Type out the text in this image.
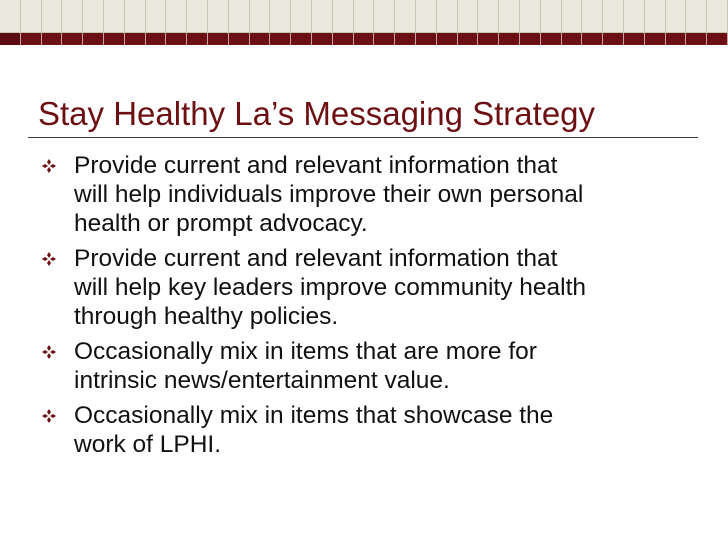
Stay Healthy La’s Messaging Strategy
Provide current and relevant information that
will help individuals improve their own personal
health or prompt advocacy.
Provide current and relevant information that
will help key leaders improve community health
through healthy policies.
Occasionally mix in items that are more for
intrinsic news/entertainment value.
Occasionally mix in items that showcase the
work of LPHI.
